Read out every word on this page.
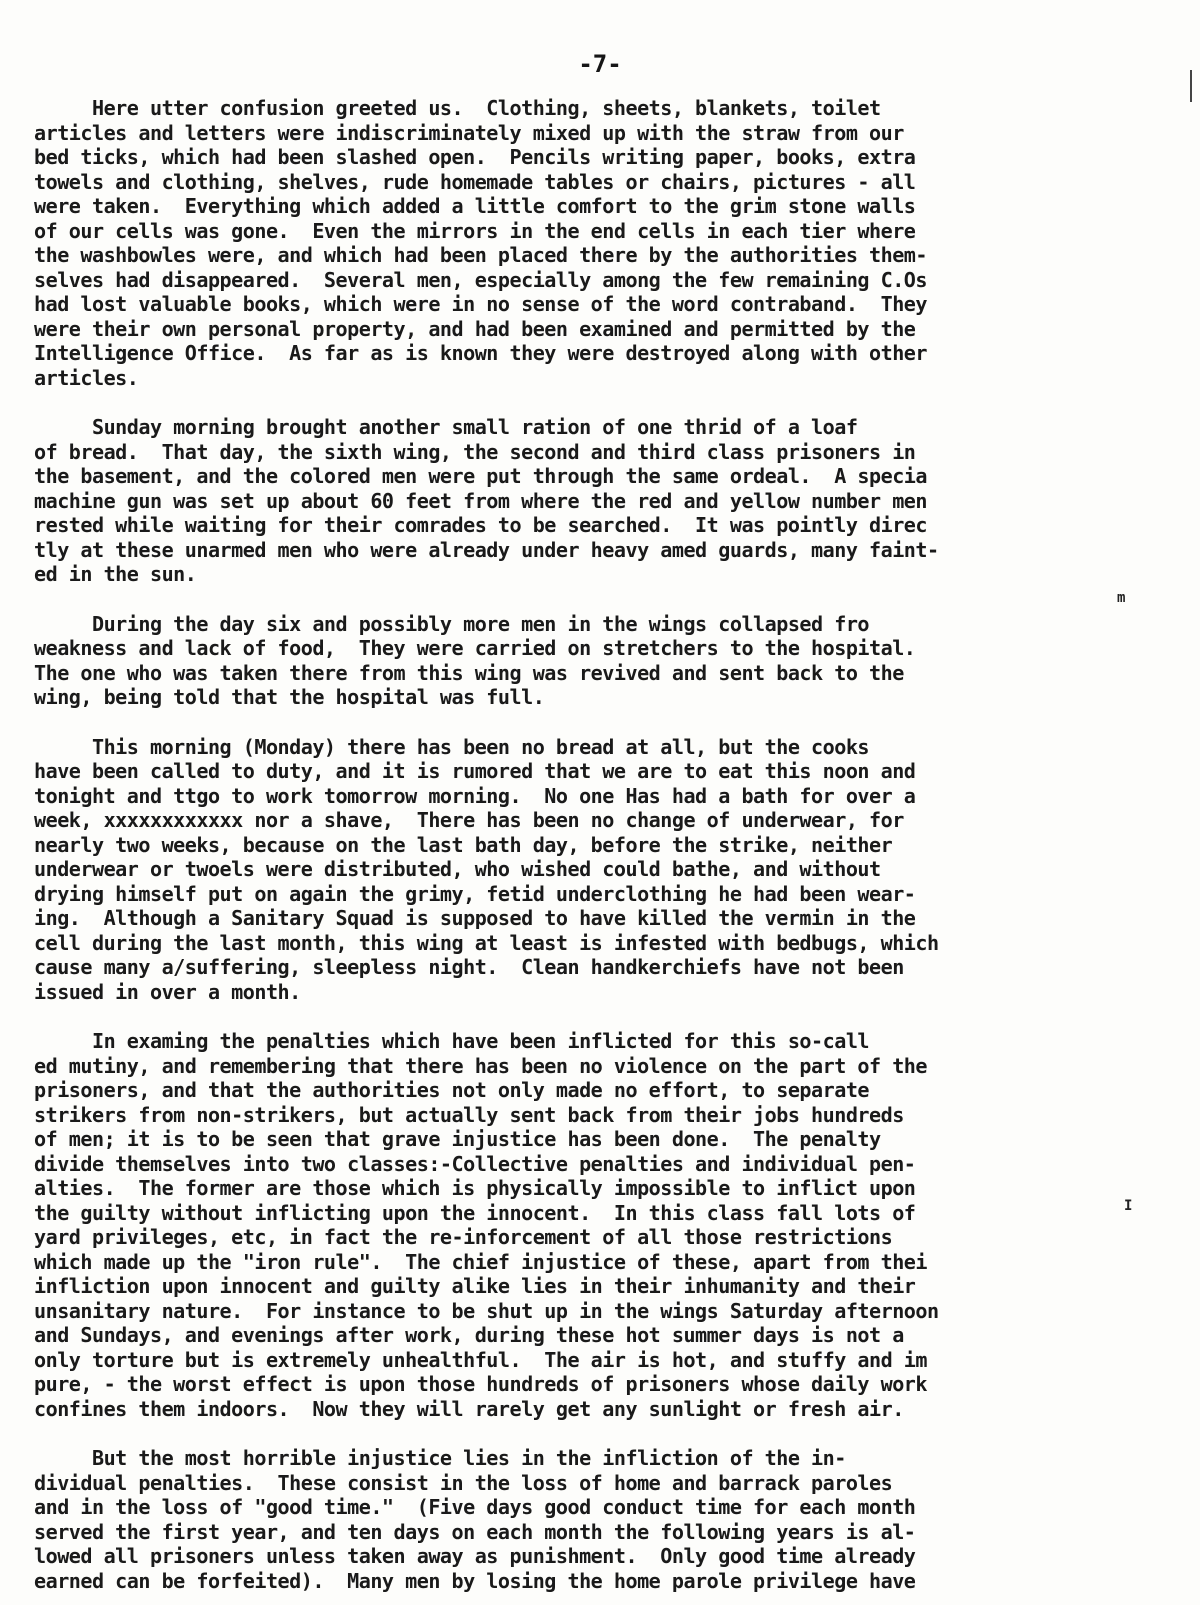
-7-
m
I
Here utter confusion greeted us.  Clothing, sheets, blankets, toilet
articles and letters were indiscriminately mixed up with the straw from our
bed ticks, which had been slashed open.  Pencils writing paper, books, extra
towels and clothing, shelves, rude homemade tables or chairs, pictures - all
were taken.  Everything which added a little comfort to the grim stone walls
of our cells was gone.  Even the mirrors in the end cells in each tier where
the washbowles were, and which had been placed there by the authorities them-
selves had disappeared.  Several men, especially among the few remaining C.Os
had lost valuable books, which were in no sense of the word contraband.  They
were their own personal property, and had been examined and permitted by the
Intelligence Office.  As far as is known they were destroyed along with other
articles.
Sunday morning brought another small ration of one thrid of a loaf
of bread.  That day, the sixth wing, the second and third class prisoners in
the basement, and the colored men were put through the same ordeal.  A specia
machine gun was set up about 60 feet from where the red and yellow number men
rested while waiting for their comrades to be searched.  It was pointly direc
tly at these unarmed men who were already under heavy amed guards, many faint-
ed in the sun.
During the day six and possibly more men in the wings collapsed fro
weakness and lack of food,  They were carried on stretchers to the hospital.
The one who was taken there from this wing was revived and sent back to the
wing, being told that the hospital was full.
This morning (Monday) there has been no bread at all, but the cooks
have been called to duty, and it is rumored that we are to eat this noon and
tonight and ttgo to work tomorrow morning.  No one Has had a bath for over a
week, xxxxxxxxxxxx nor a shave,  There has been no change of underwear, for
nearly two weeks, because on the last bath day, before the strike, neither
underwear or twoels were distributed, who wished could bathe, and without
drying himself put on again the grimy, fetid underclothing he had been wear-
ing.  Although a Sanitary Squad is supposed to have killed the vermin in the
cell during the last month, this wing at least is infested with bedbugs, which
cause many a/suffering, sleepless night.  Clean handkerchiefs have not been
issued in over a month.
In examing the penalties which have been inflicted for this so-call
ed mutiny, and remembering that there has been no violence on the part of the
prisoners, and that the authorities not only made no effort, to separate
strikers from non-strikers, but actually sent back from their jobs hundreds
of men; it is to be seen that grave injustice has been done.  The penalty
divide themselves into two classes:-Collective penalties and individual pen-
alties.  The former are those which is physically impossible to inflict upon
the guilty without inflicting upon the innocent.  In this class fall lots of
yard privileges, etc, in fact the re-inforcement of all those restrictions
which made up the "iron rule".  The chief injustice of these, apart from thei
infliction upon innocent and guilty alike lies in their inhumanity and their
unsanitary nature.  For instance to be shut up in the wings Saturday afternoon
and Sundays, and evenings after work, during these hot summer days is not a
only torture but is extremely unhealthful.  The air is hot, and stuffy and im
pure, - the worst effect is upon those hundreds of prisoners whose daily work
confines them indoors.  Now they will rarely get any sunlight or fresh air.
But the most horrible injustice lies in the infliction of the in-
dividual penalties.  These consist in the loss of home and barrack paroles
and in the loss of "good time."  (Five days good conduct time for each month
served the first year, and ten days on each month the following years is al-
lowed all prisoners unless taken away as punishment.  Only good time already
earned can be forfeited).  Many men by losing the home parole privilege have
